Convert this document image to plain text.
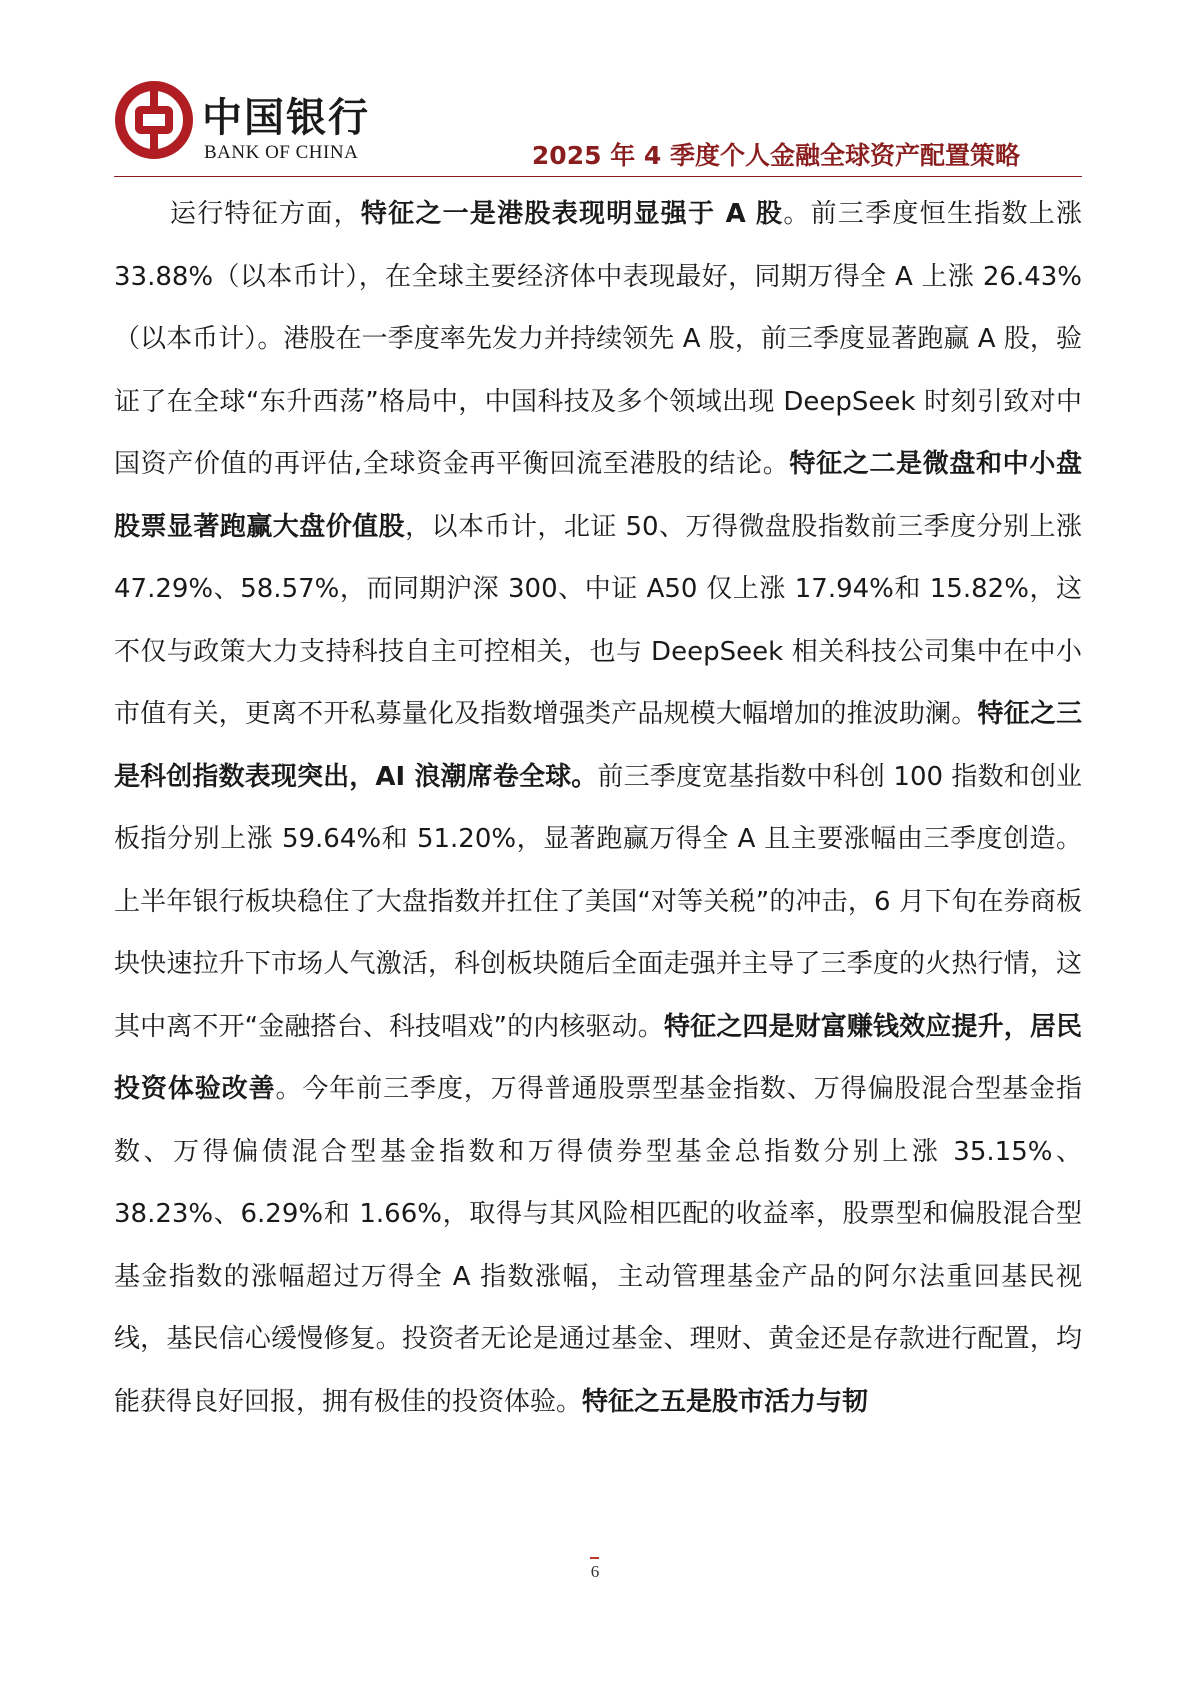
中国银行
BANK OF CHINA	2025 年 4 季度个人金融全球资产配置策略

运行特征方面，特征之一是港股表现明显强于 A 股。前三季度恒生指数上涨 33.88%（以本币计），在全球主要经济体中表现最好，同期万得全 A 上涨 26.43%（以本币计）。港股在一季度率先发力并持续领先 A 股，前三季度显著跑赢 A 股，验证了在全球“东升西荡”格局中，中国科技及多个领域出现 DeepSeek 时刻引致对中国资产价值的再评估,全球资金再平衡回流至港股的结论。特征之二是微盘和中小盘股票显著跑赢大盘价值股，以本币计，北证 50、万得微盘股指数前三季度分别上涨 47.29%、58.57%，而同期沪深 300、中证 A50 仅上涨 17.94%和 15.82%，这不仅与政策大力支持科技自主可控相关，也与 DeepSeek 相关科技公司集中在中小市值有关，更离不开私募量化及指数增强类产品规模大幅增加的推波助澜。特征之三是科创指数表现突出，AI 浪潮席卷全球。前三季度宽基指数中科创 100 指数和创业板指分别上涨 59.64%和 51.20%，显著跑赢万得全 A 且主要涨幅由三季度创造。上半年银行板块稳住了大盘指数并扛住了美国“对等关税”的冲击，6 月下旬在券商板块快速拉升下市场人气激活，科创板块随后全面走强并主导了三季度的火热行情，这其中离不开“金融搭台、科技唱戏”的内核驱动。特征之四是财富赚钱效应提升，居民投资体验改善。今年前三季度，万得普通股票型基金指数、万得偏股混合型基金指数、万得偏债混合型基金指数和万得债券型基金总指数分别上涨 35.15%、38.23%、6.29%和 1.66%，取得与其风险相匹配的收益率，股票型和偏股混合型基金指数的涨幅超过万得全 A 指数涨幅，主动管理基金产品的阿尔法重回基民视线，基民信心缓慢修复。投资者无论是通过基金、理财、黄金还是存款进行配置，均能获得良好回报，拥有极佳的投资体验。特征之五是股市活力与韧

6
